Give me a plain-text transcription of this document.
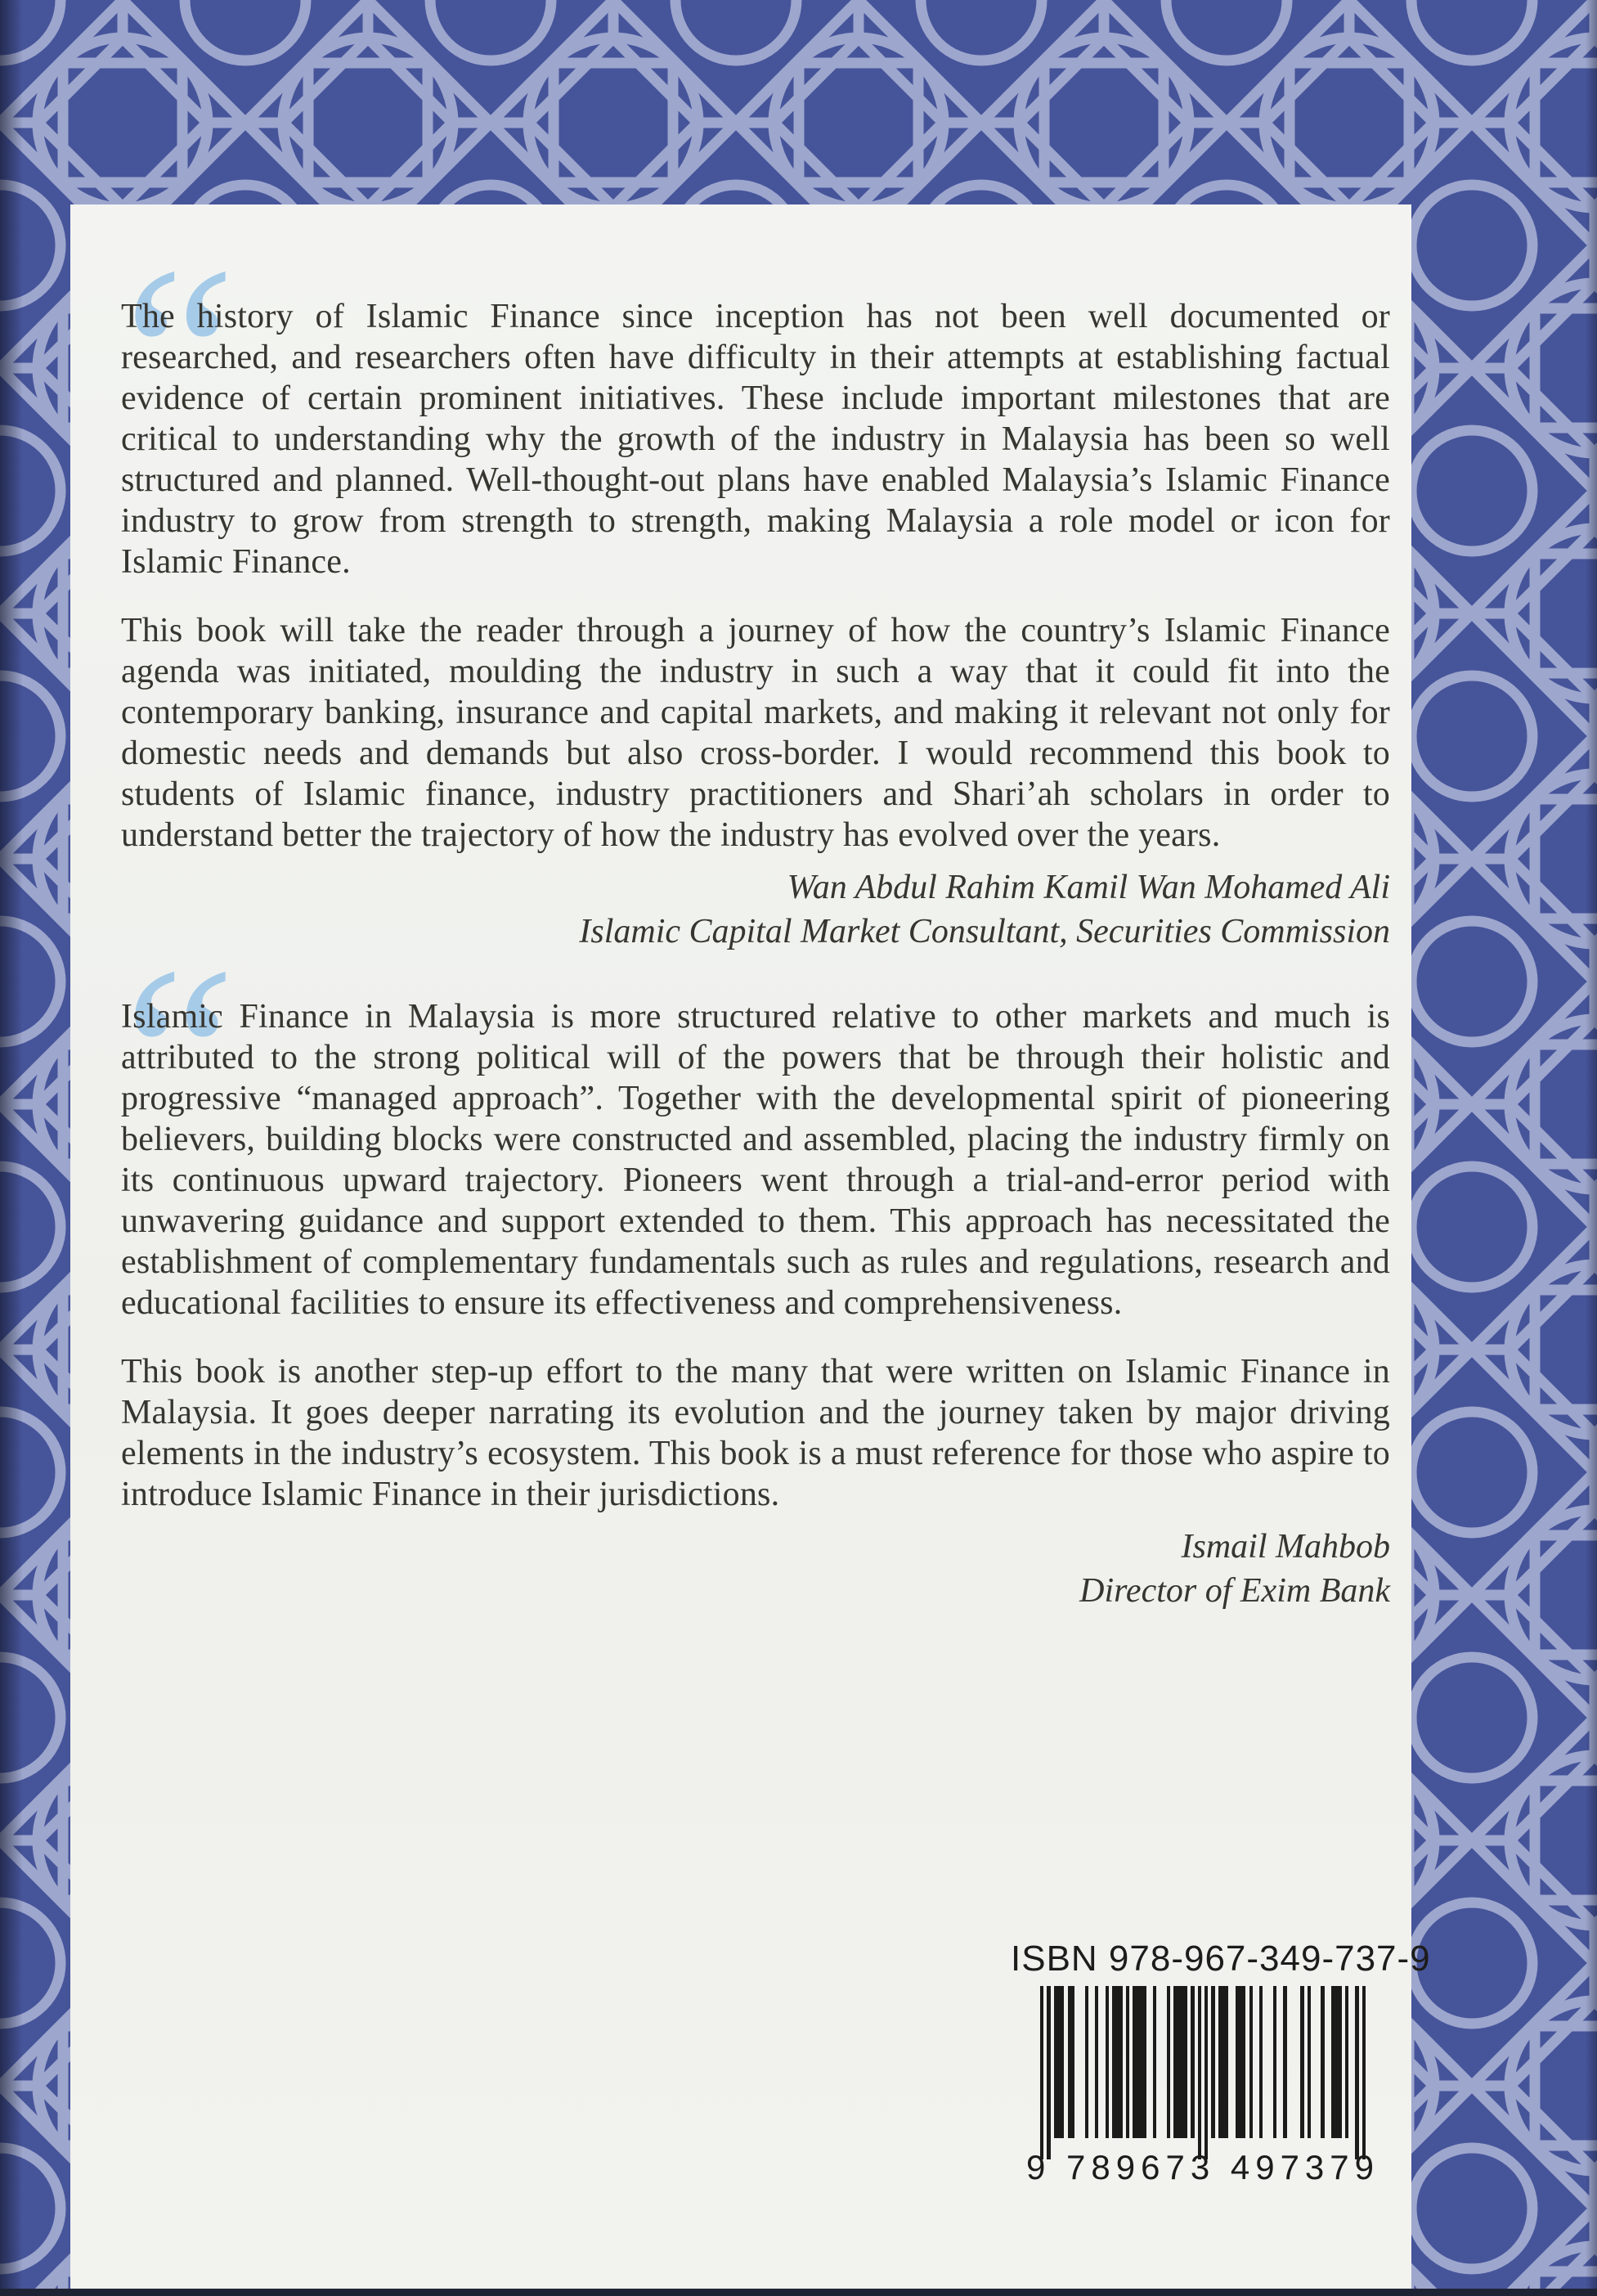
“

The history of Islamic Finance since inception has not been well documented or researched, and researchers often have difficulty in their attempts at establishing factual evidence of certain prominent initiatives. These include important milestones that are critical to understanding why the growth of the industry in Malaysia has been so well structured and planned. Well-thought-out plans have enabled Malaysia’s Islamic Finance industry to grow from strength to strength, making Malaysia a role model or icon for Islamic Finance.

This book will take the reader through a journey of how the country’s Islamic Finance agenda was initiated, moulding the industry in such a way that it could fit into the contemporary banking, insurance and capital markets, and making it relevant not only for domestic needs and demands but also cross-border. I would recommend this book to students of Islamic finance, industry practitioners and Shari’ah scholars in order to understand better the trajectory of how the industry has evolved over the years.

Wan Abdul Rahim Kamil Wan Mohamed Ali
Islamic Capital Market Consultant, Securities Commission
“

Islamic Finance in Malaysia is more structured relative to other markets and much is attributed to the strong political will of the powers that be through their holistic and progressive “managed approach”. Together with the developmental spirit of pioneering believers, building blocks were constructed and assembled, placing the industry firmly on its continuous upward trajectory. Pioneers went through a trial-and-error period with unwavering guidance and support extended to them. This approach has necessitated the establishment of complementary fundamentals such as rules and regulations, research and educational facilities to ensure its effectiveness and comprehensiveness.

This book is another step-up effort to the many that were written on Islamic Finance in Malaysia. It goes deeper narrating its evolution and the journey taken by major driving elements in the industry’s ecosystem. This book is a must reference for those who aspire to introduce Islamic Finance in their jurisdictions.

Ismail Mahbob
Director of Exim Bank
ISBN 978-967-349-737-9
9 789673 497379
